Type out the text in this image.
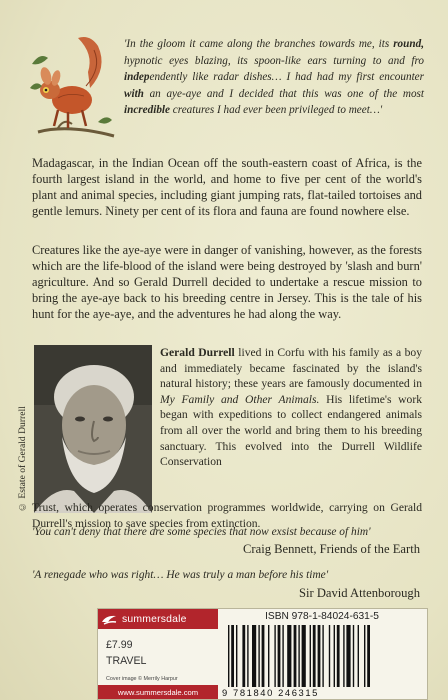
'In the gloom it came along the branches towards me, its round, hypnotic eyes blazing, its spoon-like ears turning to and fro independently like radar dishes… I had had my first encounter with an aye-aye and I decided that this was one of the most incredible creatures I had ever been privileged to meet…'

Madagascar, in the Indian Ocean off the south-eastern coast of Africa, is the fourth largest island in the world, and home to five per cent of the world's plant and animal species, including giant jumping rats, flat-tailed tortoises and gentle lemurs. Ninety per cent of its flora and fauna are found nowhere else.

Creatures like the aye-aye were in danger of vanishing, however, as the forests which are the life-blood of the island were being destroyed by 'slash and burn' agriculture. And so Gerald Durrell decided to undertake a rescue mission to bring the aye-aye back to his breeding centre in Jersey. This is the tale of his hunt for the aye-aye, and the adventures he had along the way.

© Estate of Gerald Durrell
Gerald Durrell lived in Corfu with his family as a boy and immediately became fascinated by the island's natural history; these years are famously documented in My Family and Other Animals. His lifetime's work began with expeditions to collect endangered animals from all over the world and bring them to his breeding sanctuary. This evolved into the Durrell Wildlife Conservation
Trust, which operates conservation programmes worldwide, carrying on Gerald Durrell's mission to save species from extinction.
'You can't deny that there are some species that now exsist because of him'
Craig Bennett, Friends of the Earth
'A renegade who was right… He was truly a man before his time'
Sir David Attenborough
summersdale
£7.99
TRAVEL
Cover image © Merrily Harpur
www.summersdale.com
ISBN 978-1-84024-631-5
9 781840 246315
